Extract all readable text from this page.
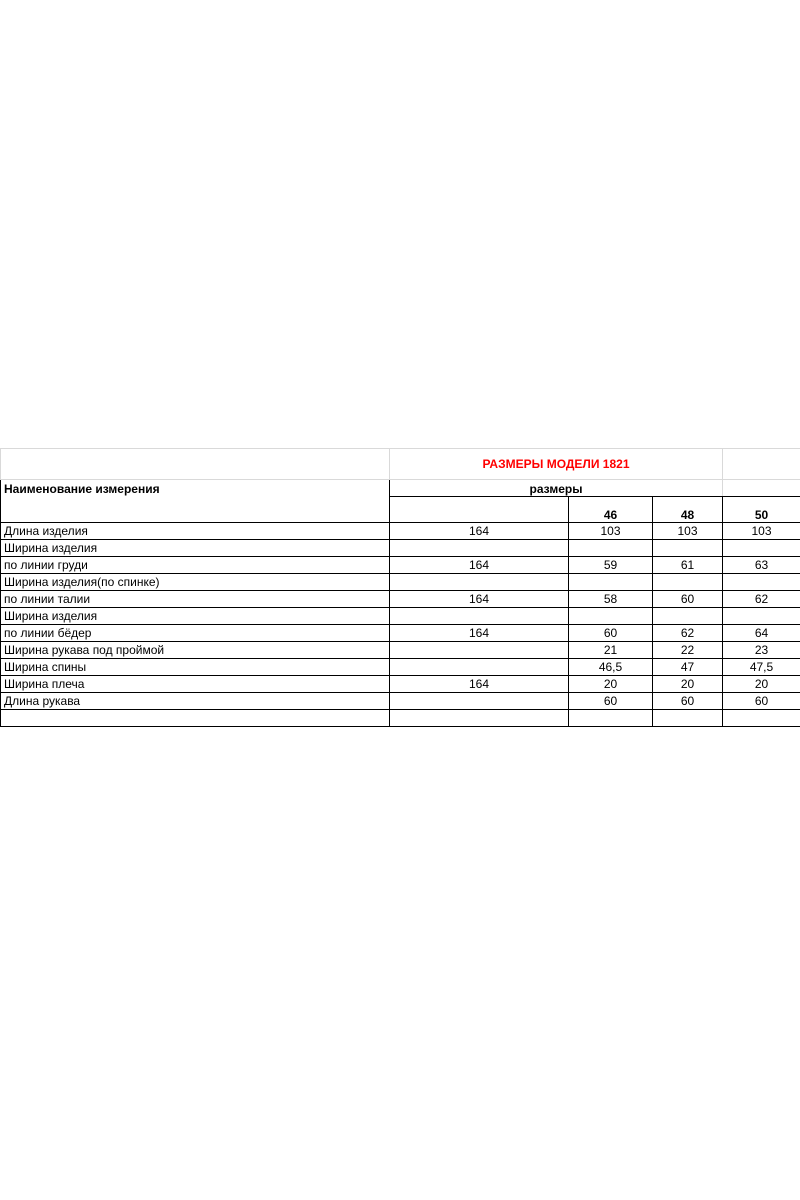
	РАЗМЕРЫ МОДЕЛИ 1821			
Наименование измерения	размеры			
		46	48	50
Длина изделия	164	103	103	103
Ширина изделия				
по линии груди	164	59	61	63
Ширина изделия(по спинке)				
по линии талии	164	58	60	62
Ширина изделия				
по линии бёдер	164	60	62	64
Ширина рукава под проймой		21	22	23
Ширина спины		46,5	47	47,5
Ширина плеча	164	20	20	20
Длина рукава		60	60	60
